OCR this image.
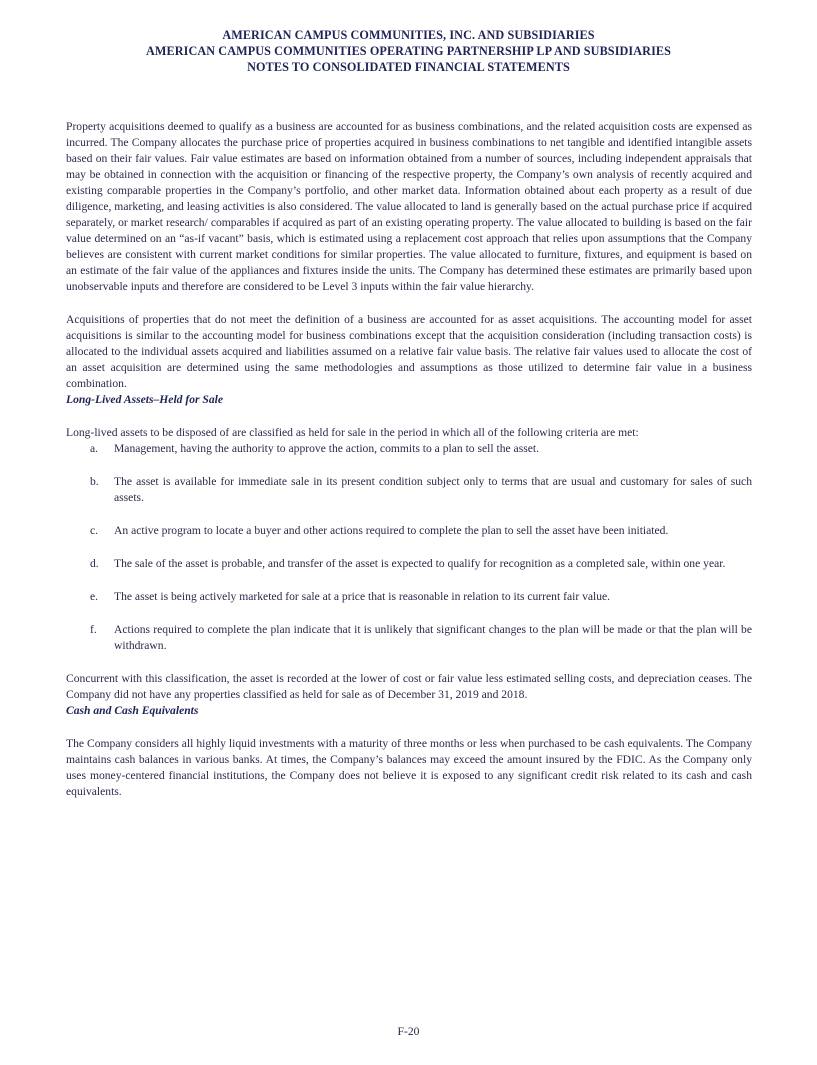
AMERICAN CAMPUS COMMUNITIES, INC. AND SUBSIDIARIES
AMERICAN CAMPUS COMMUNITIES OPERATING PARTNERSHIP LP AND SUBSIDIARIES
NOTES TO CONSOLIDATED FINANCIAL STATEMENTS

Property acquisitions deemed to qualify as a business are accounted for as business combinations, and the related acquisition costs are expensed as incurred. The Company allocates the purchase price of properties acquired in business combinations to net tangible and identified intangible assets based on their fair values. Fair value estimates are based on information obtained from a number of sources, including independent appraisals that may be obtained in connection with the acquisition or financing of the respective property, the Company’s own analysis of recently acquired and existing comparable properties in the Company’s portfolio, and other market data. Information obtained about each property as a result of due diligence, marketing, and leasing activities is also considered. The value allocated to land is generally based on the actual purchase price if acquired separately, or market research/ comparables if acquired as part of an existing operating property. The value allocated to building is based on the fair value determined on an “as-if vacant” basis, which is estimated using a replacement cost approach that relies upon assumptions that the Company believes are consistent with current market conditions for similar properties. The value allocated to furniture, fixtures, and equipment is based on an estimate of the fair value of the appliances and fixtures inside the units. The Company has determined these estimates are primarily based upon unobservable inputs and therefore are considered to be Level 3 inputs within the fair value hierarchy.

Acquisitions of properties that do not meet the definition of a business are accounted for as asset acquisitions. The accounting model for asset acquisitions is similar to the accounting model for business combinations except that the acquisition consideration (including transaction costs) is allocated to the individual assets acquired and liabilities assumed on a relative fair value basis. The relative fair values used to allocate the cost of an asset acquisition are determined using the same methodologies and assumptions as those utilized to determine fair value in a business combination.

Long-Lived Assets–Held for Sale

Long-lived assets to be disposed of are classified as held for sale in the period in which all of the following criteria are met:

a.	Management, having the authority to approve the action, commits to a plan to sell the asset.
b.	The asset is available for immediate sale in its present condition subject only to terms that are usual and customary for sales of such assets.
c.	An active program to locate a buyer and other actions required to complete the plan to sell the asset have been initiated.
d.	The sale of the asset is probable, and transfer of the asset is expected to qualify for recognition as a completed sale, within one year.
e.	The asset is being actively marketed for sale at a price that is reasonable in relation to its current fair value.
f.	Actions required to complete the plan indicate that it is unlikely that significant changes to the plan will be made or that the plan will be withdrawn.

Concurrent with this classification, the asset is recorded at the lower of cost or fair value less estimated selling costs, and depreciation ceases. The Company did not have any properties classified as held for sale as of December 31, 2019 and 2018.

Cash and Cash Equivalents

The Company considers all highly liquid investments with a maturity of three months or less when purchased to be cash equivalents. The Company maintains cash balances in various banks. At times, the Company’s balances may exceed the amount insured by the FDIC. As the Company only uses money-centered financial institutions, the Company does not believe it is exposed to any significant credit risk related to its cash and cash equivalents.

F-20
